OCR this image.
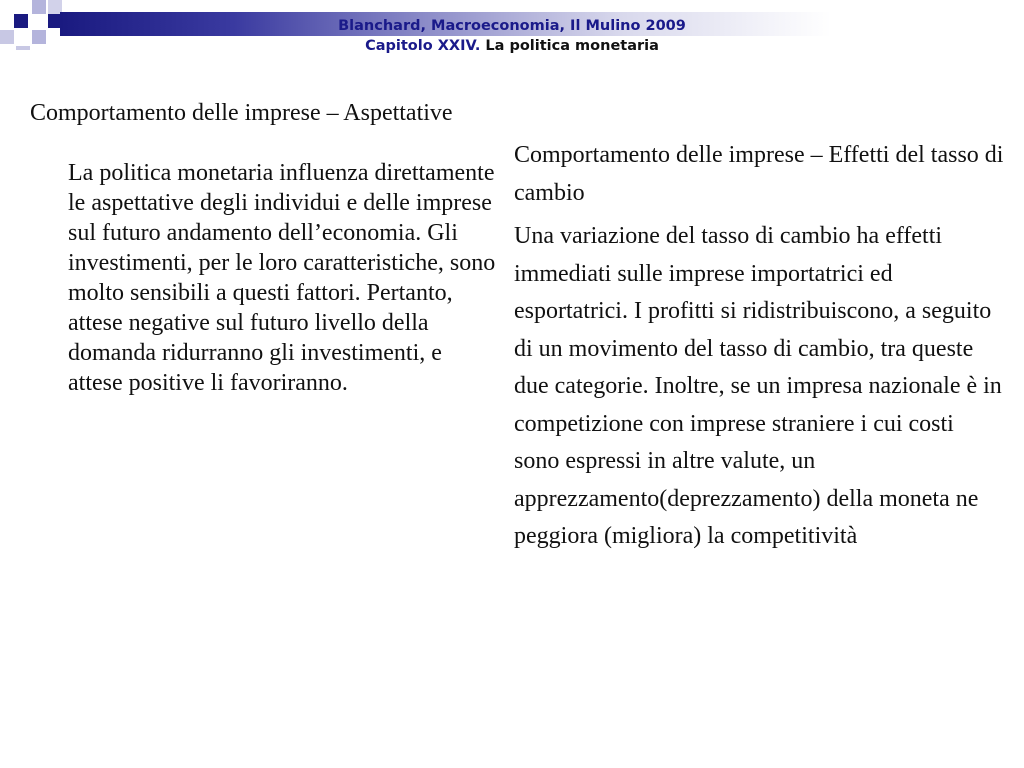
Blanchard, Macroeconomia, Il Mulino 2009
Capitolo XXIV. La politica monetaria

Comportamento delle imprese – Aspettative

La politica monetaria influenza direttamente le aspettative degli individui e delle imprese sul futuro andamento dell’economia. Gli investimenti, per le loro caratteristiche, sono molto sensibili a questi fattori. Pertanto, attese negative sul futuro livello della domanda ridurranno gli investimenti, e attese positive li favoriranno.

Comportamento delle imprese – Effetti del tasso di cambio

Una variazione del tasso di cambio ha effetti immediati sulle imprese importatrici ed esportatrici. I profitti si ridistribuiscono, a seguito di un movimento del tasso di cambio, tra queste due categorie. Inoltre, se un impresa nazionale è in competizione con imprese straniere i cui costi sono espressi in altre valute, un apprezzamento(deprezzamento) della moneta ne peggiora (migliora) la competitività
